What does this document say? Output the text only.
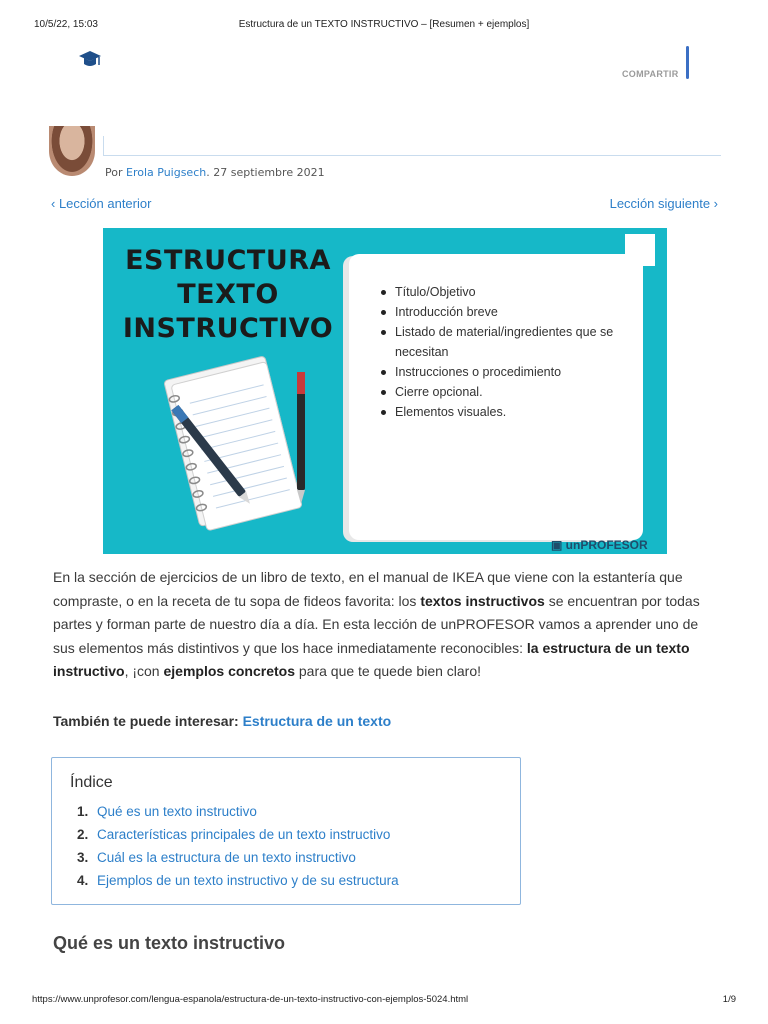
10/5/22, 15:03	Estructura de un TEXTO INSTRUCTIVO – [Resumen + ejemplos]
COMPARTIR
Por Erola Puigsech. 27 septiembre 2021
‹ Lección anterior	Lección siguiente ›
ESTRUCTURA
TEXTO
INSTRUCTIVO
Título/Objetivo
Introducción breve
Listado de material/ingredientes que se necesitan
Instrucciones o procedimiento
Cierre opcional.
Elementos visuales.
▣ unPROFESOR

En la sección de ejercicios de un libro de texto, en el manual de IKEA que viene con la estantería que compraste, o en la receta de tu sopa de fideos favorita: los textos instructivos se encuentran por todas partes y forman parte de nuestro día a día. En esta lección de unPROFESOR vamos a aprender uno de sus elementos más distintivos y que los hace inmediatamente reconocibles: la estructura de un texto instructivo, ¡con ejemplos concretos para que te quede bien claro!

También te puede interesar: Estructura de un texto
Índice
1. Qué es un texto instructivo
2. Características principales de un texto instructivo
3. Cuál es la estructura de un texto instructivo
4. Ejemplos de un texto instructivo y de su estructura
Qué es un texto instructivo
https://www.unprofesor.com/lengua-espanola/estructura-de-un-texto-instructivo-con-ejemplos-5024.html	1/9
